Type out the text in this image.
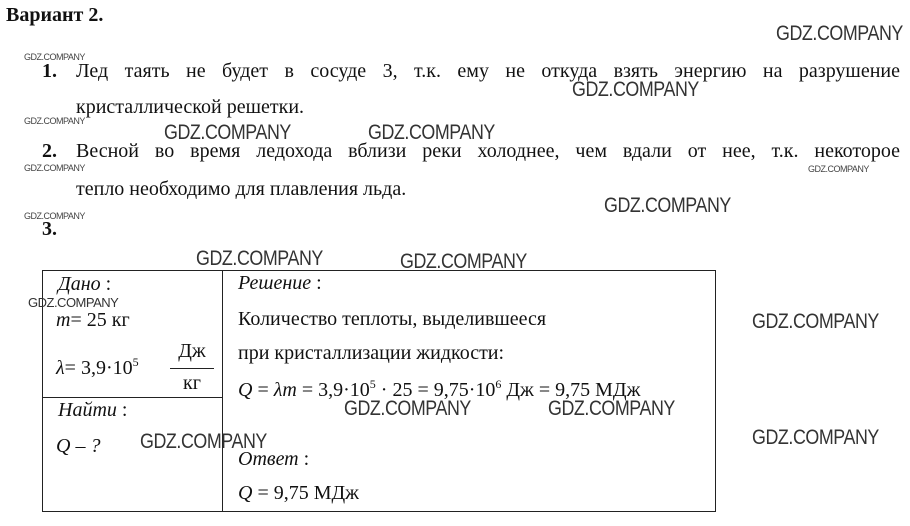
Вариант 2.
1. Лед таять не будет в сосуде 3, т.к. ему не откуда взять энергию на разрушение
кристаллической решетки.
2. Весной во время ледохода вблизи реки холоднее, чем вдали от нее, т.к. некоторое
тепло необходимо для плавления льда.
3.
Дано :
m= 25 кг
$\lambda= 3,9\cdot 10^5$	Дж
кг
Найти :
Q – ?
Решение :
Количество теплоты, выделившееся
при кристаллизации жидкости:
$Q = \lambda m = 3,9\cdot 10^5 \cdot 25 = 9,75\cdot 10^6$ Дж = 9,75 МДж
Ответ :
Q = 9,75 МДж
GDZ.COMPANY
GDZ.COMPANY
GDZ.COMPANY	GDZ.COMPANY
GDZ.COMPANY
GDZ.COMPANY	GDZ.COMPANY
GDZ.COMPANY
GDZ.COMPANY	GDZ.COMPANY
GDZ.COMPANY	GDZ.COMPANY
GDZ.COMPANY
GDZ.COMPANY
GDZ.COMPANY	GDZ.COMPANY
GDZ.COMPANY
GDZ.COMPANY
